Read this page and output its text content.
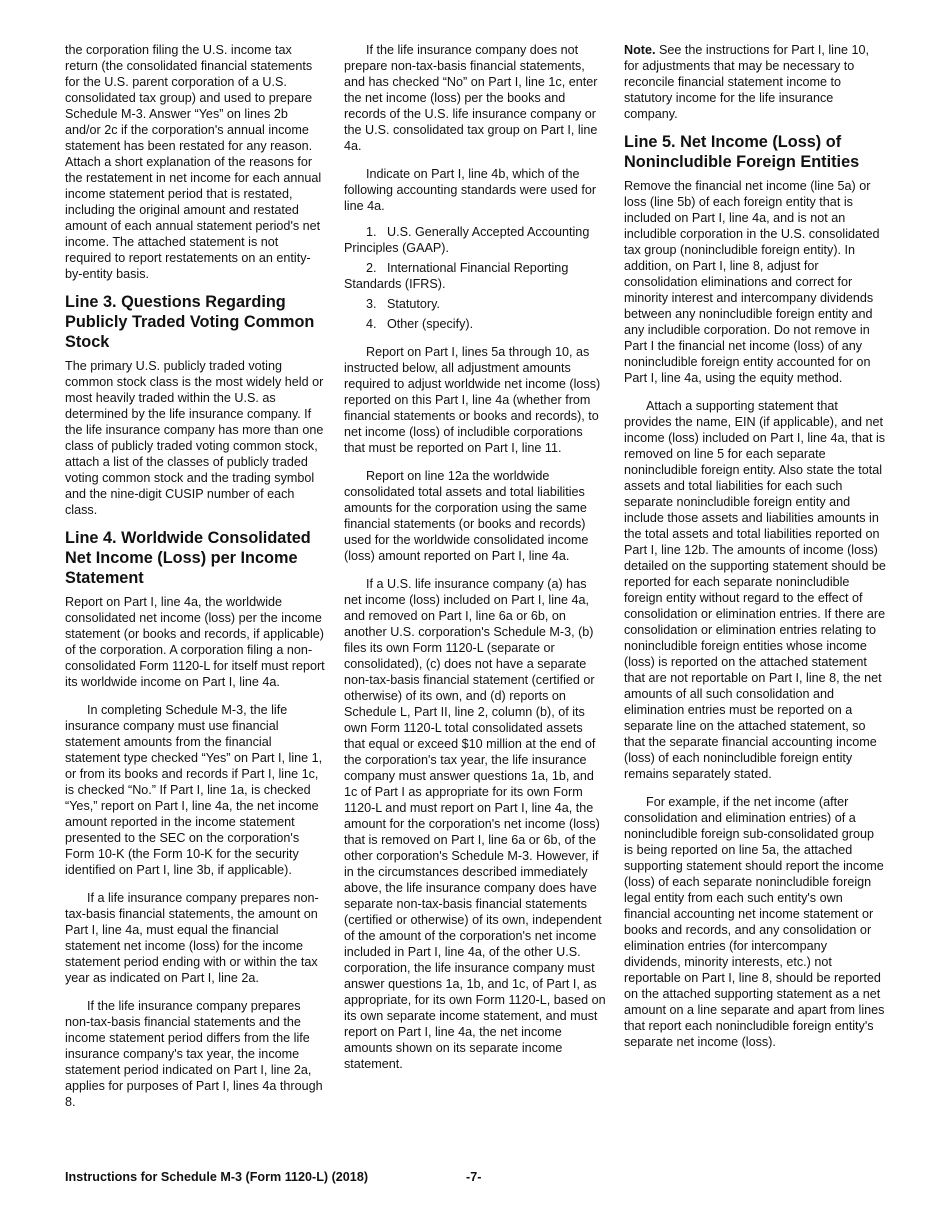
the corporation filing the U.S. income tax return (the consolidated financial statements for the U.S. parent corporation of a U.S. consolidated tax group) and used to prepare Schedule M-3. Answer “Yes” on lines 2b and/or 2c if the corporation's annual income statement has been restated for any reason. Attach a short explanation of the reasons for the restatement in net income for each annual income statement period that is restated, including the original amount and restated amount of each annual statement period's net income. The attached statement is not required to report restatements on an entity-by-entity basis.

Line 3. Questions Regarding Publicly Traded Voting Common Stock

The primary U.S. publicly traded voting common stock class is the most widely held or most heavily traded within the U.S. as determined by the life insurance company. If the life insurance company has more than one class of publicly traded voting common stock, attach a list of the classes of publicly traded voting common stock and the trading symbol and the nine-digit CUSIP number of each class.

Line 4. Worldwide Consolidated Net Income (Loss) per Income Statement

Report on Part I, line 4a, the worldwide consolidated net income (loss) per the income statement (or books and records, if applicable) of the corporation. A corporation filing a non-consolidated Form 1120-L for itself must report its worldwide income on Part I, line 4a.

In completing Schedule M-3, the life insurance company must use financial statement amounts from the financial statement type checked “Yes” on Part I, line 1, or from its books and records if Part I, line 1c, is checked “No.” If Part I, line 1a, is checked “Yes,” report on Part I, line 4a, the net income amount reported in the income statement presented to the SEC on the corporation's Form 10-K (the Form 10-K for the security identified on Part I, line 3b, if applicable).

If a life insurance company prepares non-tax-basis financial statements, the amount on Part I, line 4a, must equal the financial statement net income (loss) for the income statement period ending with or within the tax year as indicated on Part I, line 2a.

If the life insurance company prepares non-tax-basis financial statements and the income statement period differs from the life insurance company's tax year, the income statement period indicated on Part I, line 2a, applies for purposes of Part I, lines 4a through 8.

If the life insurance company does not prepare non-tax-basis financial statements, and has checked “No” on Part I, line 1c, enter the net income (loss) per the books and records of the U.S. life insurance company or the U.S. consolidated tax group on Part I, line 4a.

Indicate on Part I, line 4b, which of the following accounting standards were used for line 4a.

1.   U.S. Generally Accepted Accounting Principles (GAAP).

2.   International Financial Reporting Standards (IFRS).

3.   Statutory.

4.   Other (specify).

Report on Part I, lines 5a through 10, as instructed below, all adjustment amounts required to adjust worldwide net income (loss) reported on this Part I, line 4a (whether from financial statements or books and records), to net income (loss) of includible corporations that must be reported on Part I, line 11.

Report on line 12a the worldwide consolidated total assets and total liabilities amounts for the corporation using the same financial statements (or books and records) used for the worldwide consolidated income (loss) amount reported on Part I, line 4a.

If a U.S. life insurance company (a) has net income (loss) included on Part I, line 4a, and removed on Part I, line 6a or 6b, on another U.S. corporation's Schedule M-3, (b) files its own Form 1120-L (separate or consolidated), (c) does not have a separate non-tax-basis financial statement (certified or otherwise) of its own, and (d) reports on Schedule L, Part II, line 2, column (b), of its own Form 1120-L total consolidated assets that equal or exceed $10 million at the end of the corporation's tax year, the life insurance company must answer questions 1a, 1b, and 1c of Part I as appropriate for its own Form 1120-L and must report on Part I, line 4a, the amount for the corporation's net income (loss) that is removed on Part I, line 6a or 6b, of the other corporation's Schedule M-3. However, if in the circumstances described immediately above, the life insurance company does have separate non-tax-basis financial statements (certified or otherwise) of its own, independent of the amount of the corporation's net income included in Part I, line 4a, of the other U.S. corporation, the life insurance company must answer questions 1a, 1b, and 1c, of Part I, as appropriate, for its own Form 1120-L, based on its own separate income statement, and must report on Part I, line 4a, the net income amounts shown on its separate income statement.

Note. See the instructions for Part I, line 10, for adjustments that may be necessary to reconcile financial statement income to statutory income for the life insurance company.

Line 5. Net Income (Loss) of Nonincludible Foreign Entities

Remove the financial net income (line 5a) or loss (line 5b) of each foreign entity that is included on Part I, line 4a, and is not an includible corporation in the U.S. consolidated tax group (nonincludible foreign entity). In addition, on Part I, line 8, adjust for consolidation eliminations and correct for minority interest and intercompany dividends between any nonincludible foreign entity and any includible corporation. Do not remove in Part I the financial net income (loss) of any nonincludible foreign entity accounted for on Part I, line 4a, using the equity method.

Attach a supporting statement that provides the name, EIN (if applicable), and net income (loss) included on Part I, line 4a, that is removed on line 5 for each separate nonincludible foreign entity. Also state the total assets and total liabilities for each such separate nonincludible foreign entity and include those assets and liabilities amounts in the total assets and total liabilities reported on Part I, line 12b. The amounts of income (loss) detailed on the supporting statement should be reported for each separate nonincludible foreign entity without regard to the effect of consolidation or elimination entries. If there are consolidation or elimination entries relating to nonincludible foreign entities whose income (loss) is reported on the attached statement that are not reportable on Part I, line 8, the net amounts of all such consolidation and elimination entries must be reported on a separate line on the attached statement, so that the separate financial accounting income (loss) of each nonincludible foreign entity remains separately stated.

For example, if the net income (after consolidation and elimination entries) of a nonincludible foreign sub-consolidated group is being reported on line 5a, the attached supporting statement should report the income (loss) of each separate nonincludible foreign legal entity from each such entity's own financial accounting net income statement or books and records, and any consolidation or elimination entries (for intercompany dividends, minority interests, etc.) not reportable on Part I, line 8, should be reported on the attached supporting statement as a net amount on a line separate and apart from lines that report each nonincludible foreign entity's separate net income (loss).

Instructions for Schedule M-3 (Form 1120-L) (2018)	-7-
